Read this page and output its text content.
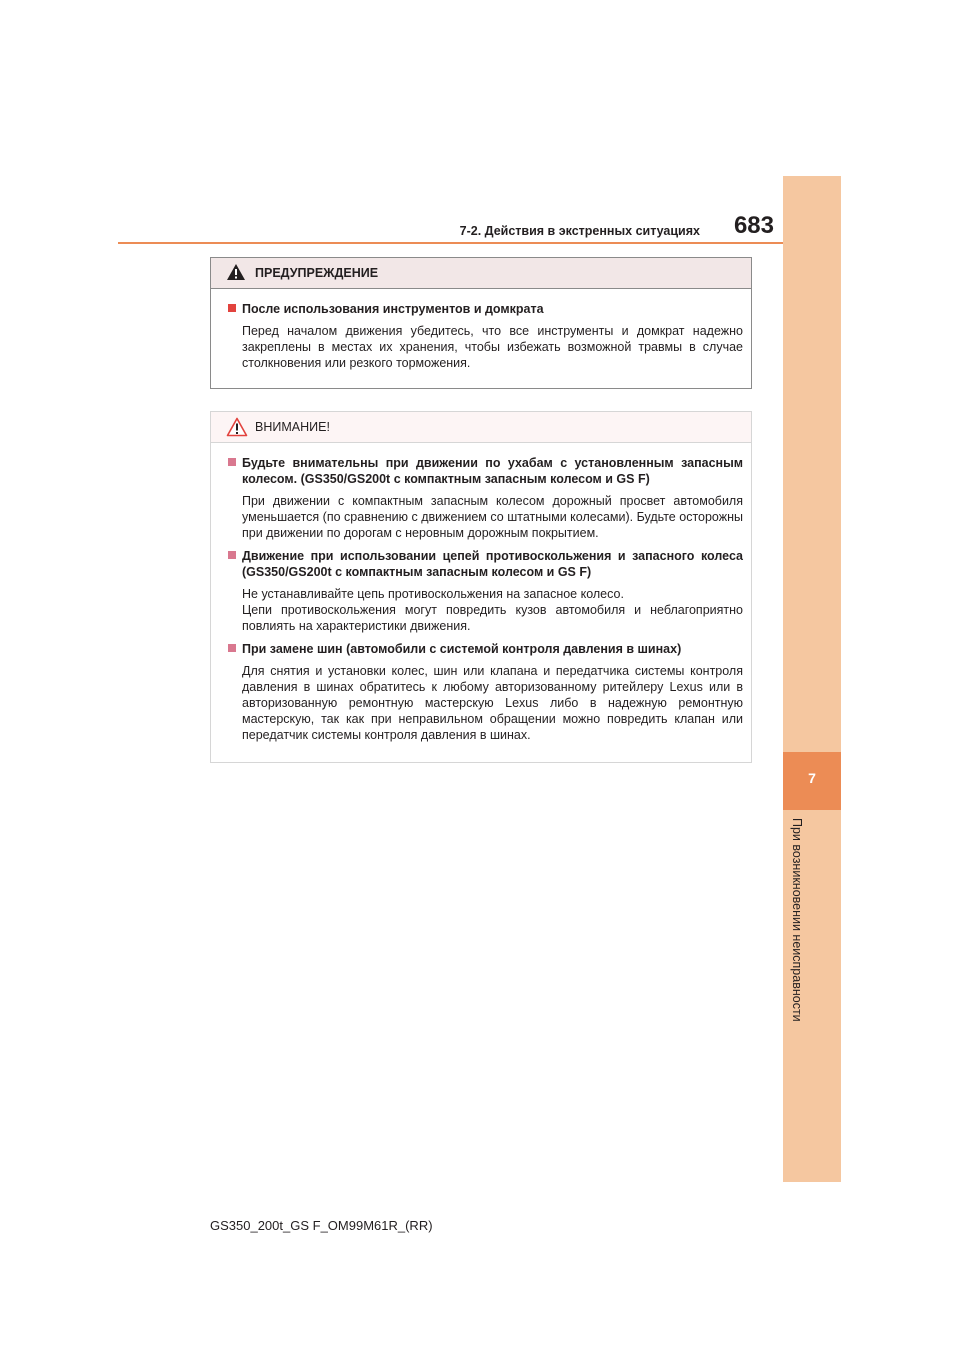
7
При возникновении неисправности
7-2. Действия в экстренных ситуациях	683
ПРЕДУПРЕЖДЕНИЕ
После использования инструментов и домкрата
Перед началом движения убедитесь, что все инструменты и домкрат надежно закреплены в местах их хранения, чтобы избежать возможной травмы в случае столкновения или резкого торможения.
ВНИМАНИЕ!
Будьте внимательны при движении по ухабам с установленным запасным колесом. (GS350/GS200t с компактным запасным колесом и GS F)
При движении с компактным запасным колесом дорожный просвет автомобиля уменьшается (по сравнению с движением со штатными колесами). Будьте осторожны при движении по дорогам с неровным дорожным покрытием.
Движение при использовании цепей противоскольжения и запасного колеса (GS350/GS200t с компактным запасным колесом и GS F)

Не устанавливайте цепь противоскольжения на запасное колесо.

Цепи противоскольжения могут повредить кузов автомобиля и неблагоприятно повлиять на характеристики движения.

При замене шин (автомобили с системой контроля давления в шинах)
Для снятия и установки колес, шин или клапана и передатчика системы контроля давления в шинах обратитесь к любому авторизованному ритейлеру Lexus или в авторизованную ремонтную мастерскую Lexus либо в надежную ремонтную мастерскую, так как при неправильном обращении можно повредить клапан или передатчик системы контроля давления в шинах.
GS350_200t_GS F_OM99M61R_(RR)
